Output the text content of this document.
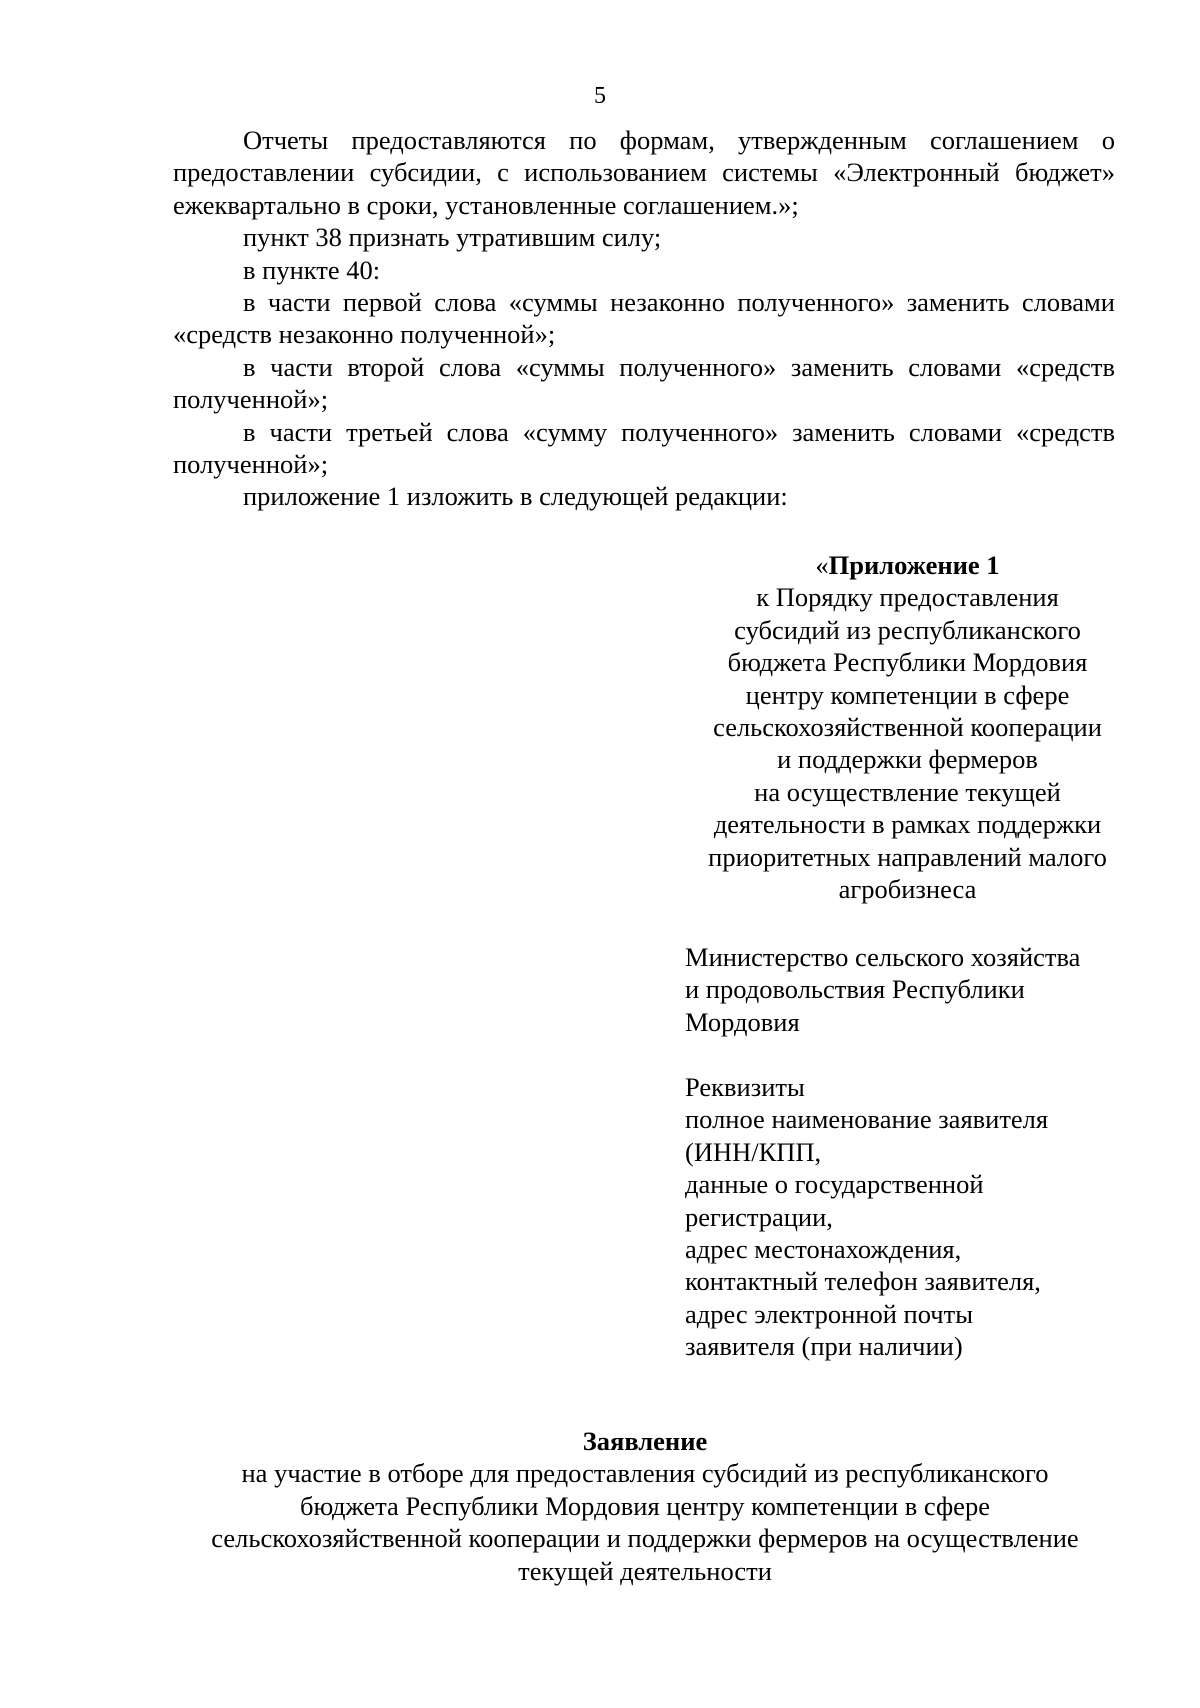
5

Отчеты предоставляются по формам, утвержденным соглашением о предоставлении субсидии, с использованием системы «Электронный бюджет» ежеквартально в сроки, установленные соглашением.»;

пункт 38 признать утратившим силу;

в пункте 40:

в части первой слова «суммы незаконно полученного» заменить словами «средств незаконно полученной»;

в части второй слова «суммы полученного» заменить словами «средств полученной»;

в части третьей слова «сумму полученного» заменить словами «средств полученной»;

приложение 1 изложить в следующей редакции:

«Приложение 1
к Порядку предоставления
субсидий из республиканского
бюджета Республики Мордовия
центру компетенции в сфере
сельскохозяйственной кооперации
и поддержки фермеров
на осуществление текущей
деятельности в рамках поддержки
приоритетных направлений малого
агробизнеса
Министерство сельского хозяйства
и продовольствия Республики
Мордовия
Реквизиты
полное наименование заявителя
(ИНН/КПП,
данные о государственной
регистрации,
адрес местонахождения,
контактный телефон заявителя,
адрес электронной почты
заявителя (при наличии)
Заявление
на участие в отборе для предоставления субсидий из республиканского
бюджета Республики Мордовия центру компетенции в сфере
сельскохозяйственной кооперации и поддержки фермеров на осуществление
текущей деятельности
